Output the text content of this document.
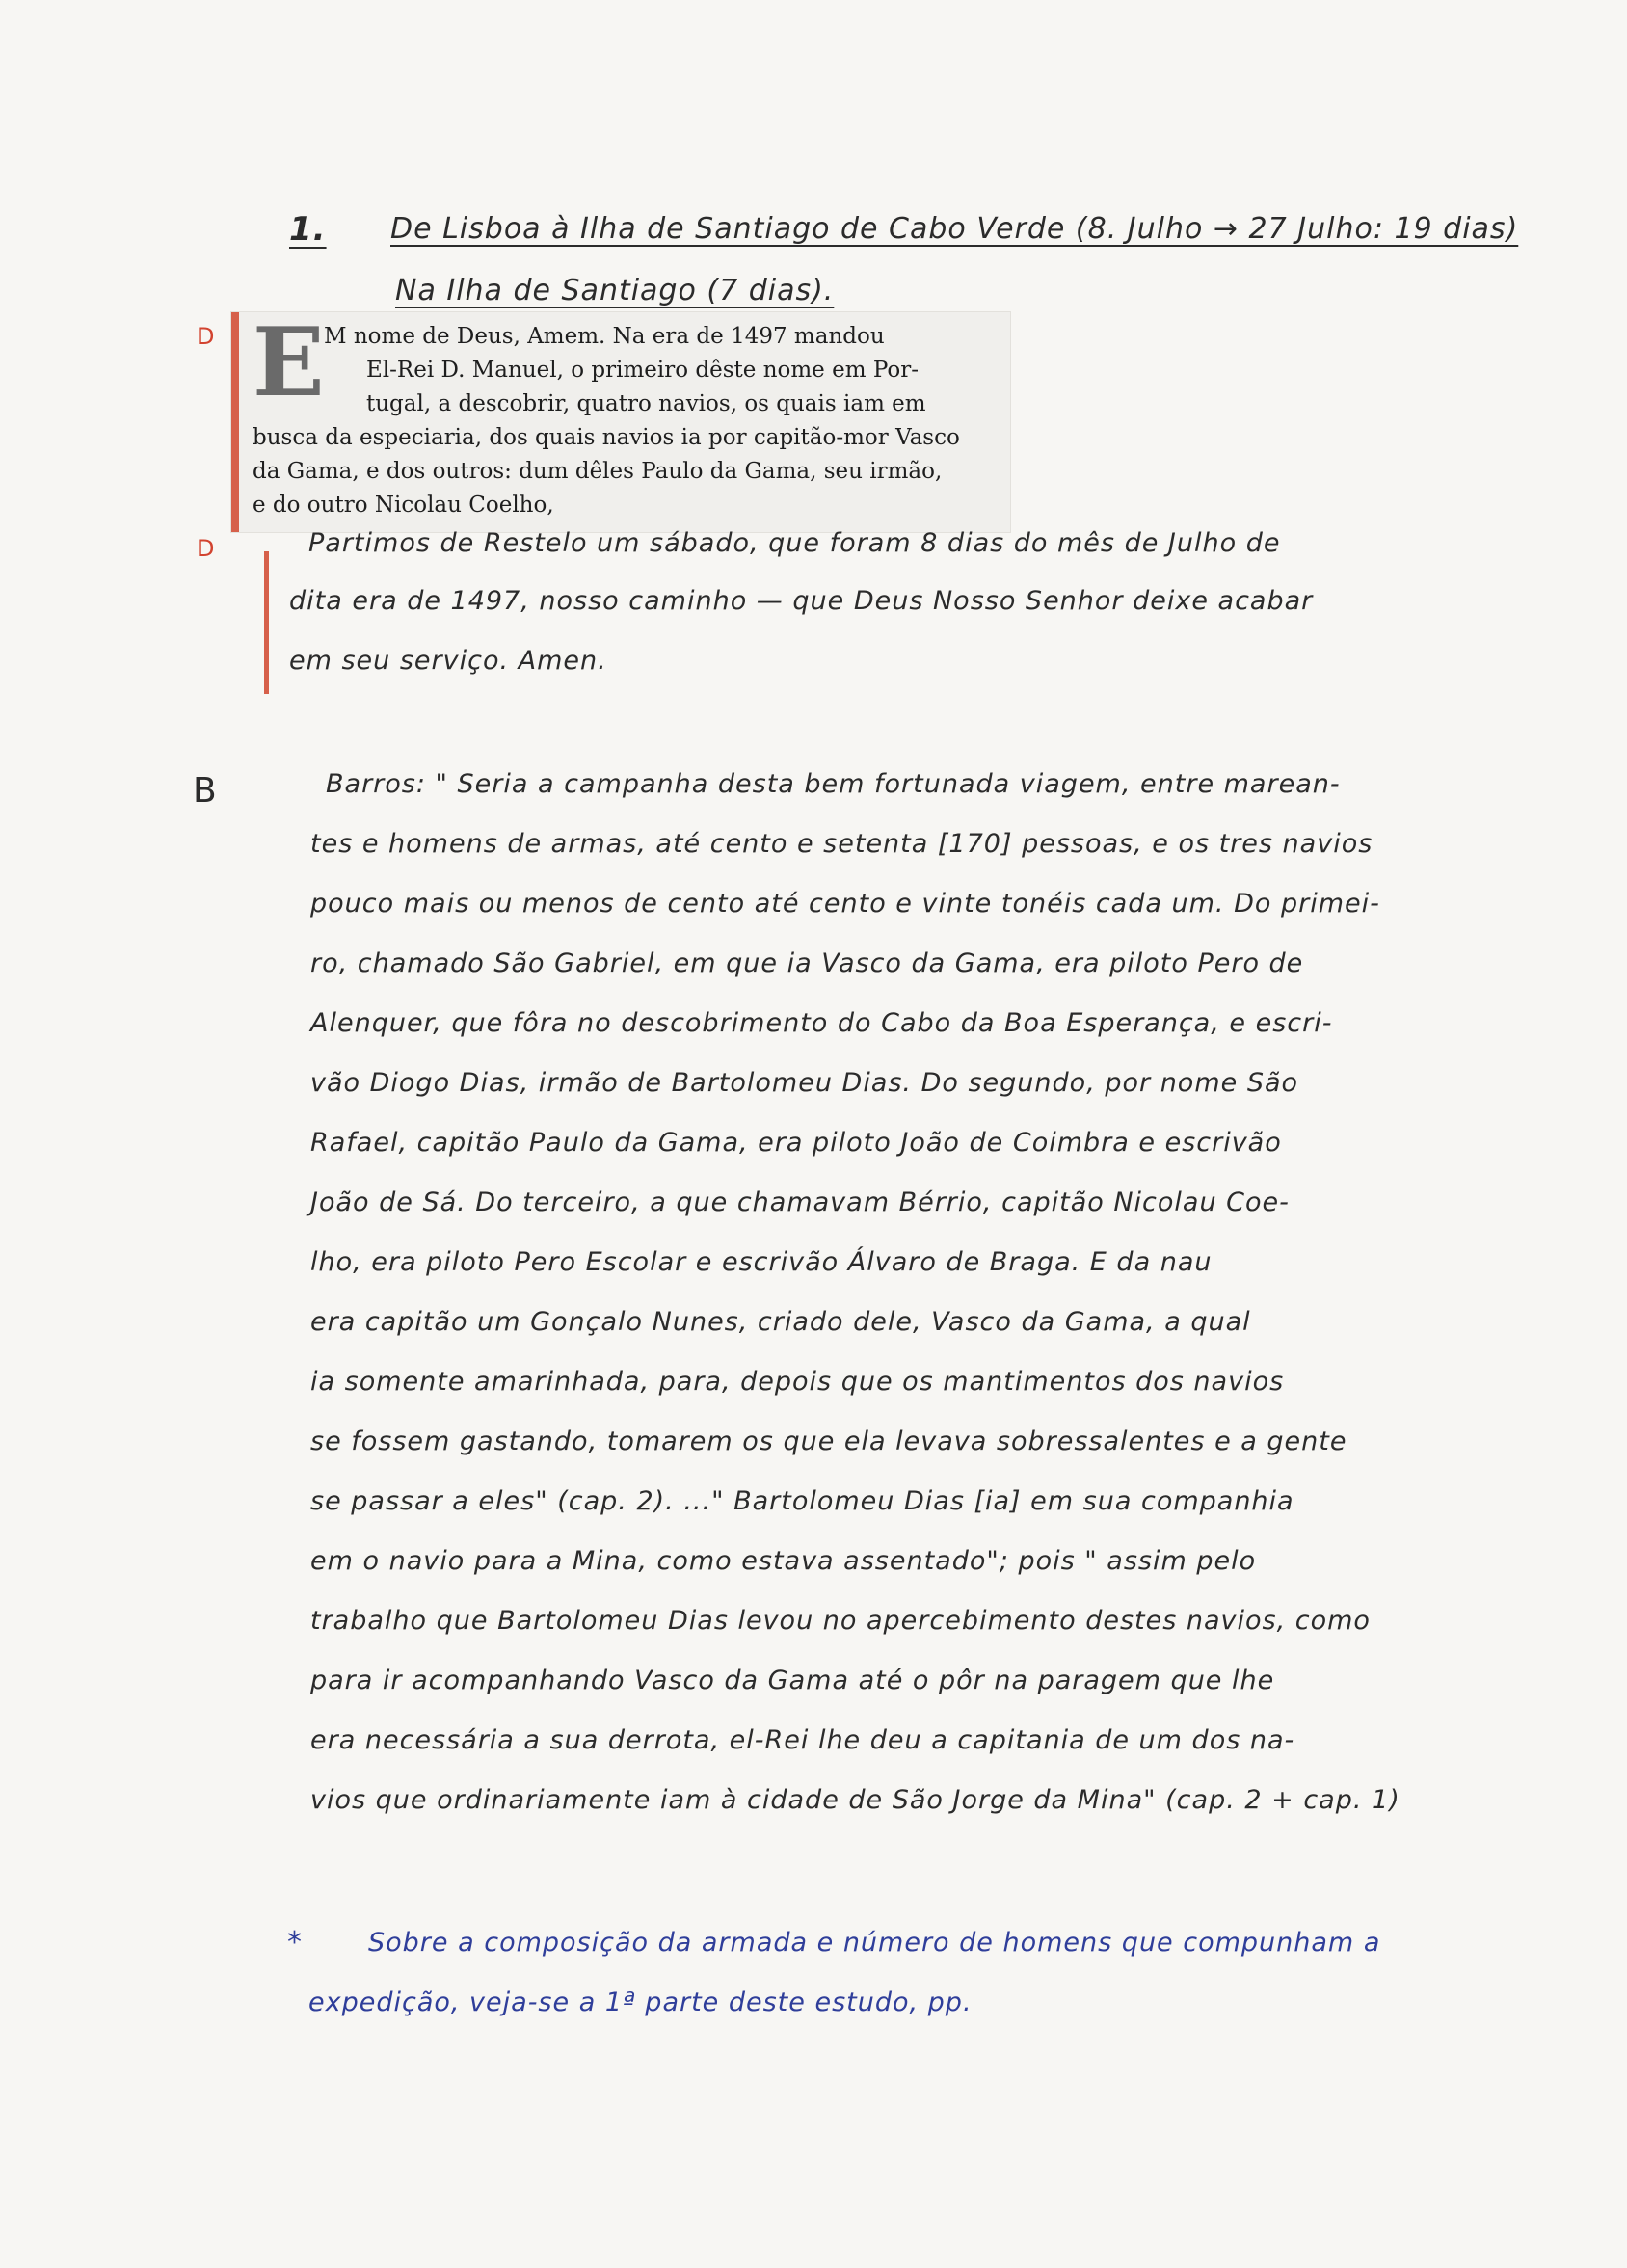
1. De Lisboa à Ilha de Santiago de Cabo Verde (8. Julho → 27 Julho: 19 dias)
Na Ilha de Santiago (7 dias).
D
D
E M nome de Deus, Amem. Na era de 1497 mandou
El-Rei D. Manuel, o primeiro dêste nome em Por-
tugal, a descobrir, quatro navios, os quais iam em
busca da especiaria, dos quais navios ia por capitão-mor Vasco
da Gama, e dos outros: dum dêles Paulo da Gama, seu irmão,
e do outro Nicolau Coelho,
Partimos de Restelo um sábado, que foram 8 dias do mês de Julho de
dita era de 1497, nosso caminho — que Deus Nosso Senhor deixe acabar
em seu serviço. Amen.
B	Barros: " Seria a campanha desta bem fortunada viagem, entre marean-
tes e homens de armas, até cento e setenta [170] pessoas, e os tres navios
pouco mais ou menos de cento até cento e vinte tonéis cada um. Do primei-
ro, chamado São Gabriel, em que ia Vasco da Gama, era piloto Pero de
Alenquer, que fôra no descobrimento do Cabo da Boa Esperança, e escri-
vão Diogo Dias, irmão de Bartolomeu Dias. Do segundo, por nome São
Rafael, capitão Paulo da Gama, era piloto João de Coimbra e escrivão
João de Sá. Do terceiro, a que chamavam Bérrio, capitão Nicolau Coe-
lho, era piloto Pero Escolar e escrivão Álvaro de Braga. E da nau
era capitão um Gonçalo Nunes, criado dele, Vasco da Gama, a qual
ia somente amarinhada, para, depois que os mantimentos dos navios
se fossem gastando, tomarem os que ela levava sobressalentes e a gente
se passar a eles" (cap. 2). ..." Bartolomeu Dias [ia] em sua companhia
em o navio para a Mina, como estava assentado"; pois " assim pelo
trabalho que Bartolomeu Dias levou no apercebimento destes navios, como
para ir acompanhando Vasco da Gama até o pôr na paragem que lhe
era necessária a sua derrota, el-Rei lhe deu a capitania de um dos na-
vios que ordinariamente iam à cidade de São Jorge da Mina" (cap. 2 + cap. 1)
*	Sobre a composição da armada e número de homens que compunham a
expedição, veja-se a 1ª parte deste estudo, pp.
